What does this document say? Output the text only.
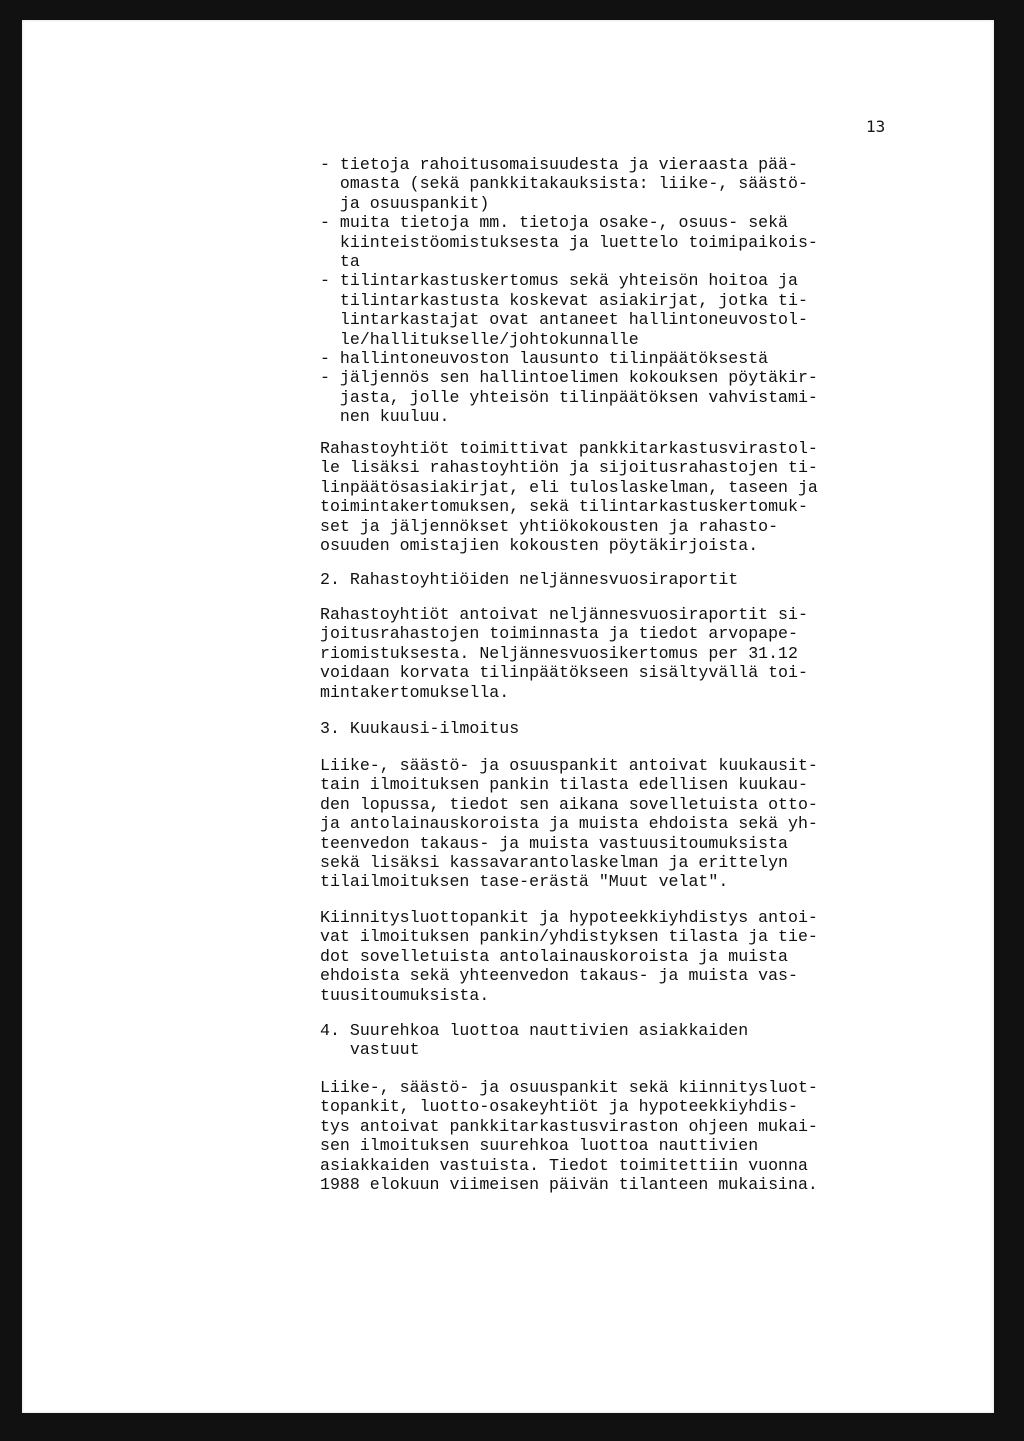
13
- tietoja rahoitusomaisuudesta ja vieraasta pää-
omasta (sekä pankkitakauksista: liike-, säästö-
ja osuuspankit)
- muita tietoja mm. tietoja osake-, osuus- sekä
kiinteistöomistuksesta ja luettelo toimipaikois-
ta
- tilintarkastuskertomus sekä yhteisön hoitoa ja
tilintarkastusta koskevat asiakirjat, jotka ti-
lintarkastajat ovat antaneet hallintoneuvostol-
le/hallitukselle/johtokunnalle
- hallintoneuvoston lausunto tilinpäätöksestä
- jäljennös sen hallintoelimen kokouksen pöytäkir-
jasta, jolle yhteisön tilinpäätöksen vahvistami-
nen kuuluu.
Rahastoyhtiöt toimittivat pankkitarkastusvirastol-
le lisäksi rahastoyhtiön ja sijoitusrahastojen ti-
linpäätösasiakirjat, eli tuloslaskelman, taseen ja
toimintakertomuksen, sekä tilintarkastuskertomuk-
set ja jäljennökset yhtiökokousten ja rahasto-
osuuden omistajien kokousten pöytäkirjoista.
2. Rahastoyhtiöiden neljännesvuosiraportit
Rahastoyhtiöt antoivat neljännesvuosiraportit si-
joitusrahastojen toiminnasta ja tiedot arvopape-
riomistuksesta. Neljännesvuosikertomus per 31.12
voidaan korvata tilinpäätökseen sisältyvällä toi-
mintakertomuksella.
3. Kuukausi-ilmoitus
Liike-, säästö- ja osuuspankit antoivat kuukausit-
tain ilmoituksen pankin tilasta edellisen kuukau-
den lopussa, tiedot sen aikana sovelletuista otto-
ja antolainauskoroista ja muista ehdoista sekä yh-
teenvedon takaus- ja muista vastuusitoumuksista
sekä lisäksi kassavarantolaskelman ja erittelyn
tilailmoituksen tase-erästä "Muut velat".
Kiinnitysluottopankit ja hypoteekkiyhdistys antoi-
vat ilmoituksen pankin/yhdistyksen tilasta ja tie-
dot sovelletuista antolainauskoroista ja muista
ehdoista sekä yhteenvedon takaus- ja muista vas-
tuusitoumuksista.
4. Suurehkoa luottoa nauttivien asiakkaiden
vastuut
Liike-, säästö- ja osuuspankit sekä kiinnitysluot-
topankit, luotto-osakeyhtiöt ja hypoteekkiyhdis-
tys antoivat pankkitarkastusviraston ohjeen mukai-
sen ilmoituksen suurehkoa luottoa nauttivien
asiakkaiden vastuista. Tiedot toimitettiin vuonna
1988 elokuun viimeisen päivän tilanteen mukaisina.
